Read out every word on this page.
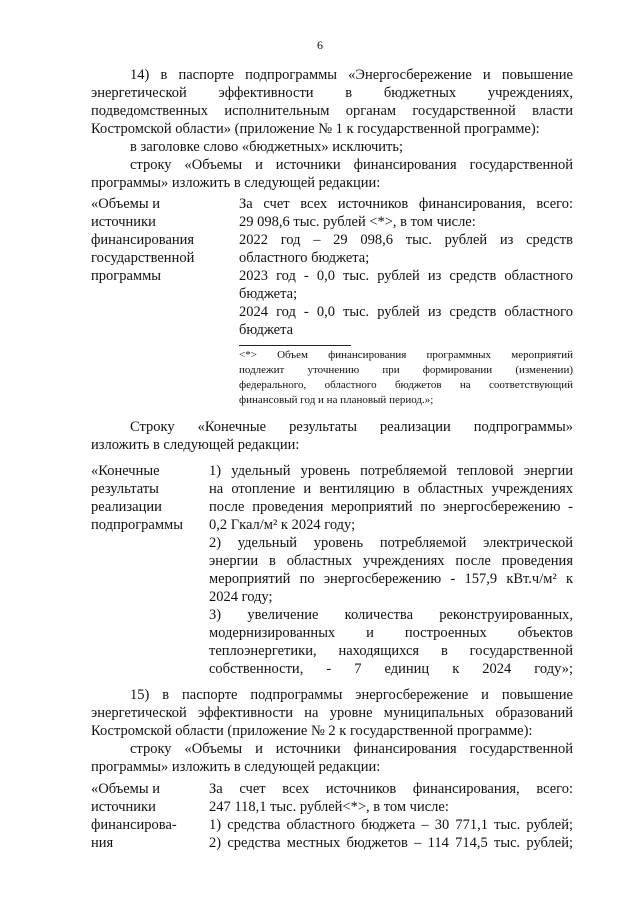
6
14) в паспорте подпрограммы «Энергосбережение и повышение
энергетической эффективности в бюджетных учреждениях,
подведомственных исполнительным органам государственной власти
Костромской области» (приложение № 1 к государственной программе):
в заголовке слово «бюджетных» исключить;
строку «Объемы и источники финансирования государственной
программы» изложить в следующей редакции:
«Объемы и
источники
финансирования
государственной
программы
За счет всех источников финансирования, всего:
29 098,6 тыс. рублей <*>, в том числе:
2022 год – 29 098,6 тыс. рублей из средств
областного бюджета;
2023 год - 0,0 тыс. рублей из средств областного
бюджета;
2024 год - 0,0 тыс. рублей из средств областного
бюджета
<*> Объем финансирования программных мероприятий
подлежит уточнению при формировании (изменении)
федерального, областного бюджетов на соответствующий
финансовый год и на плановый период.»;
Строку «Конечные результаты реализации подпрограммы»
изложить в следующей редакции:
«Конечные
результаты
реализации
подпрограммы
1) удельный уровень потребляемой тепловой энергии
на отопление и вентиляцию в областных учреждениях
после проведения мероприятий по энергосбережению -
0,2 Гкал/м² к 2024 году;
2) удельный уровень потребляемой электрической
энергии в областных учреждениях после проведения
мероприятий по энергосбережению - 157,9 кВт.ч/м² к
2024 году;
3) увеличение количества реконструированных,
модернизированных и построенных объектов
теплоэнергетики, находящихся в государственной
собственности, - 7 единиц к 2024 году»;
15) в паспорте подпрограммы энергосбережение и повышение
энергетической эффективности на уровне муниципальных образований
Костромской области (приложение № 2 к государственной программе):
строку «Объемы и источники финансирования государственной
программы» изложить в следующей редакции:
«Объемы и
источники
финансирова-
ния
За счет всех источников финансирования, всего:
247 118,1 тыс. рублей<*>, в том числе:
1) средства областного бюджета – 30 771,1 тыс. рублей;
2) средства местных бюджетов – 114 714,5 тыс. рублей;
